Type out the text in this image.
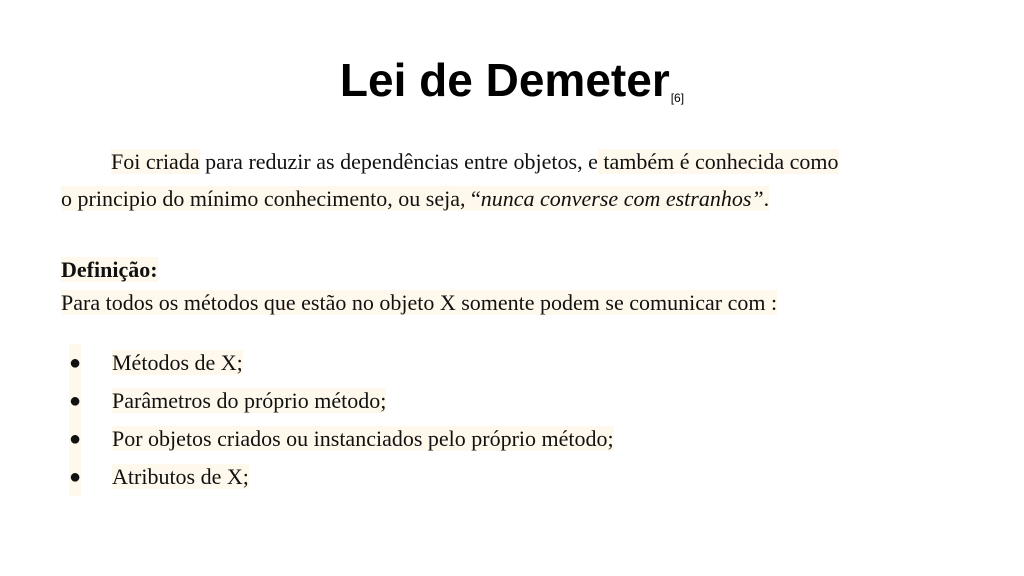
Lei de Demeter[6]
Foi criada para reduzir as dependências entre objetos, e também é conhecida como
o principio do mínimo conhecimento, ou seja, “nunca converse com estranhos”.
Definição:
Para todos os métodos que estão no objeto X somente podem se comunicar com :
● Métodos de X;
● Parâmetros do próprio método;
● Por objetos criados ou instanciados pelo próprio método;
● Atributos de X;
